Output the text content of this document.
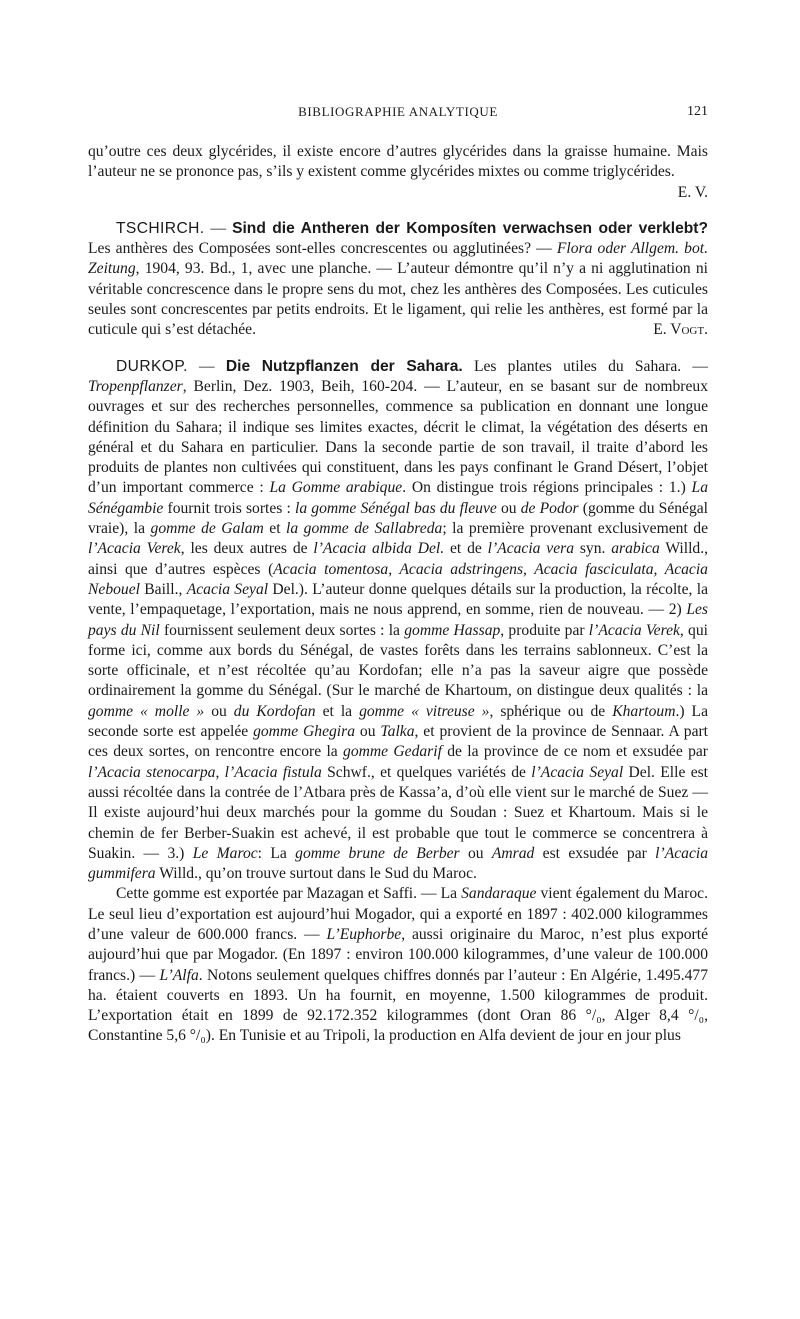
BIBLIOGRAPHIE ANALYTIQUE	121

qu’outre ces deux glycérides, il existe encore d’autres glycérides dans la graisse humaine. Mais l’auteur ne se prononce pas, s’ils y existent comme glycérides mixtes ou comme triglycérides.
E. V.

TSCHIRCH. — Sind die Antheren der Komposíten verwachsen oder verklebt? Les anthères des Composées sont-elles concrescentes ou agglutinées? — Flora oder Allgem. bot. Zeitung, 1904, 93. Bd., 1, avec une planche. — L’auteur démontre qu’il n’y a ni agglutination ni véritable concrescence dans le propre sens du mot, chez les anthères des Composées. Les cuticules seules sont concrescentes par petits endroits. Et le ligament, qui relie les anthères, est formé par la cuticule qui s’est détachée.	E. Vogt.

DURKOP. — Die Nutzpflanzen der Sahara. Les plantes utiles du Sahara. — Tropenpflanzer, Berlin, Dez. 1903, Beih, 160-204. — L’auteur, en se basant sur de nombreux ouvrages et sur des recherches personnelles, commence sa publication en donnant une longue définition du Sahara; il indique ses limites exactes, décrit le climat, la végétation des déserts en général et du Sahara en particulier. Dans la seconde partie de son travail, il traite d’abord les produits de plantes non cultivées qui constituent, dans les pays confinant le Grand Désert, l’objet d’un important commerce : La Gomme arabique. On distingue trois régions principales : 1.) La Sénégambie fournit trois sortes : la gomme Sénégal bas du fleuve ou de Podor (gomme du Sénégal vraie), la gomme de Galam et la gomme de Sallabreda; la première provenant exclusivement de l’Acacia Verek, les deux autres de l’Acacia albida Del. et de l’Acacia vera syn. arabica Willd., ainsi que d’autres espèces (Acacia tomentosa, Acacia adstringens, Acacia fasciculata, Acacia Nebouel Baill., Acacia Seyal Del.). L’auteur donne quelques détails sur la production, la récolte, la vente, l’empaquetage, l’exportation, mais ne nous apprend, en somme, rien de nouveau. — 2) Les pays du Nil fournissent seulement deux sortes : la gomme Hassap, produite par l’Acacia Verek, qui forme ici, comme aux bords du Sénégal, de vastes forêts dans les terrains sablonneux. C’est la sorte officinale, et n’est récoltée qu’au Kordofan; elle n’a pas la saveur aigre que possède ordinairement la gomme du Sénégal. (Sur le marché de Khartoum, on distingue deux qualités : la gomme « molle » ou du Kordofan et la gomme « vitreuse », sphérique ou de Khartoum.) La seconde sorte est appelée gomme Ghegira ou Talka, et provient de la province de Sennaar. A part ces deux sortes, on rencontre encore la gomme Gedarif de la province de ce nom et exsudée par l’Acacia stenocarpa, l’Acacia fistula Schwf., et quelques variétés de l’Acacia Seyal Del. Elle est aussi récoltée dans la contrée de l’Atbara près de Kassa’a, d’où elle vient sur le marché de Suez — Il existe aujourd’hui deux marchés pour la gomme du Soudan : Suez et Khartoum. Mais si le chemin de fer Berber-Suakin est achevé, il est probable que tout le commerce se concentrera à Suakin. — 3.) Le Maroc: La gomme brune de Berber ou Amrad est exsudée par l’Acacia gummifera Willd., qu’on trouve surtout dans le Sud du Maroc.

Cette gomme est exportée par Mazagan et Saffi. — La Sandaraque vient également du Maroc. Le seul lieu d’exportation est aujourd’hui Mogador, qui a exporté en 1897 : 402.000 kilogrammes d’une valeur de 600.000 francs. — L’Euphorbe, aussi originaire du Maroc, n’est plus exporté aujourd’hui que par Mogador. (En 1897 : environ 100.000 kilogrammes, d’une valeur de 100.000 francs.) — L’Alfa. Notons seulement quelques chiffres donnés par l’auteur : En Algérie, 1.495.477 ha. étaient couverts en 1893. Un ha fournit, en moyenne, 1.500 kilogrammes de produit. L’exportation était en 1899 de 92.172.352 kilogrammes (dont Oran 86 °/₀, Alger 8,4 °/₀, Constantine 5,6 °/₀). En Tunisie et au Tripoli, la production en Alfa devient de jour en jour plus
